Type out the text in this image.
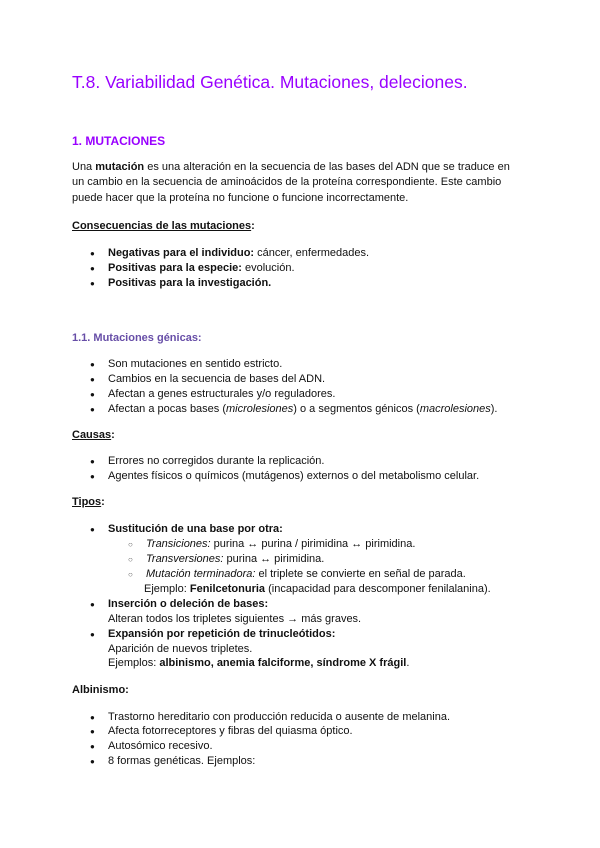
T.8. Variabilidad Genética. Mutaciones, deleciones.
1. MUTACIONES
Una mutación es una alteración en la secuencia de las bases del ADN que se traduce en
un cambio en la secuencia de aminoácidos de la proteína correspondiente. Este cambio
puede hacer que la proteína no funcione o funcione incorrectamente.
Consecuencias de las mutaciones:
● Negativas para el individuo: cáncer, enfermedades.
● Positivas para la especie: evolución.
● Positivas para la investigación.
1.1. Mutaciones génicas:
● Son mutaciones en sentido estricto.
● Cambios en la secuencia de bases del ADN.
● Afectan a genes estructurales y/o reguladores.
● Afectan a pocas bases (microlesiones) o a segmentos génicos (macrolesiones).
Causas:
● Errores no corregidos durante la replicación.
● Agentes físicos o químicos (mutágenos) externos o del metabolismo celular.
Tipos:
● Sustitución de una base por otra:
○ Transiciones: purina ↔ purina / pirimidina ↔ pirimidina.
○ Transversiones: purina ↔ pirimidina.
○ Mutación terminadora: el triplete se convierte en señal de parada.
Ejemplo: Fenilcetonuria (incapacidad para descomponer fenilalanina).
● Inserción o deleción de bases:
Alteran todos los tripletes siguientes → más graves.
● Expansión por repetición de trinucleótidos:
Aparición de nuevos tripletes.
Ejemplos: albinismo, anemia falciforme, síndrome X frágil.
Albinismo:
● Trastorno hereditario con producción reducida o ausente de melanina.
● Afecta fotorreceptores y fibras del quiasma óptico.
● Autosómico recesivo.
● 8 formas genéticas. Ejemplos:
